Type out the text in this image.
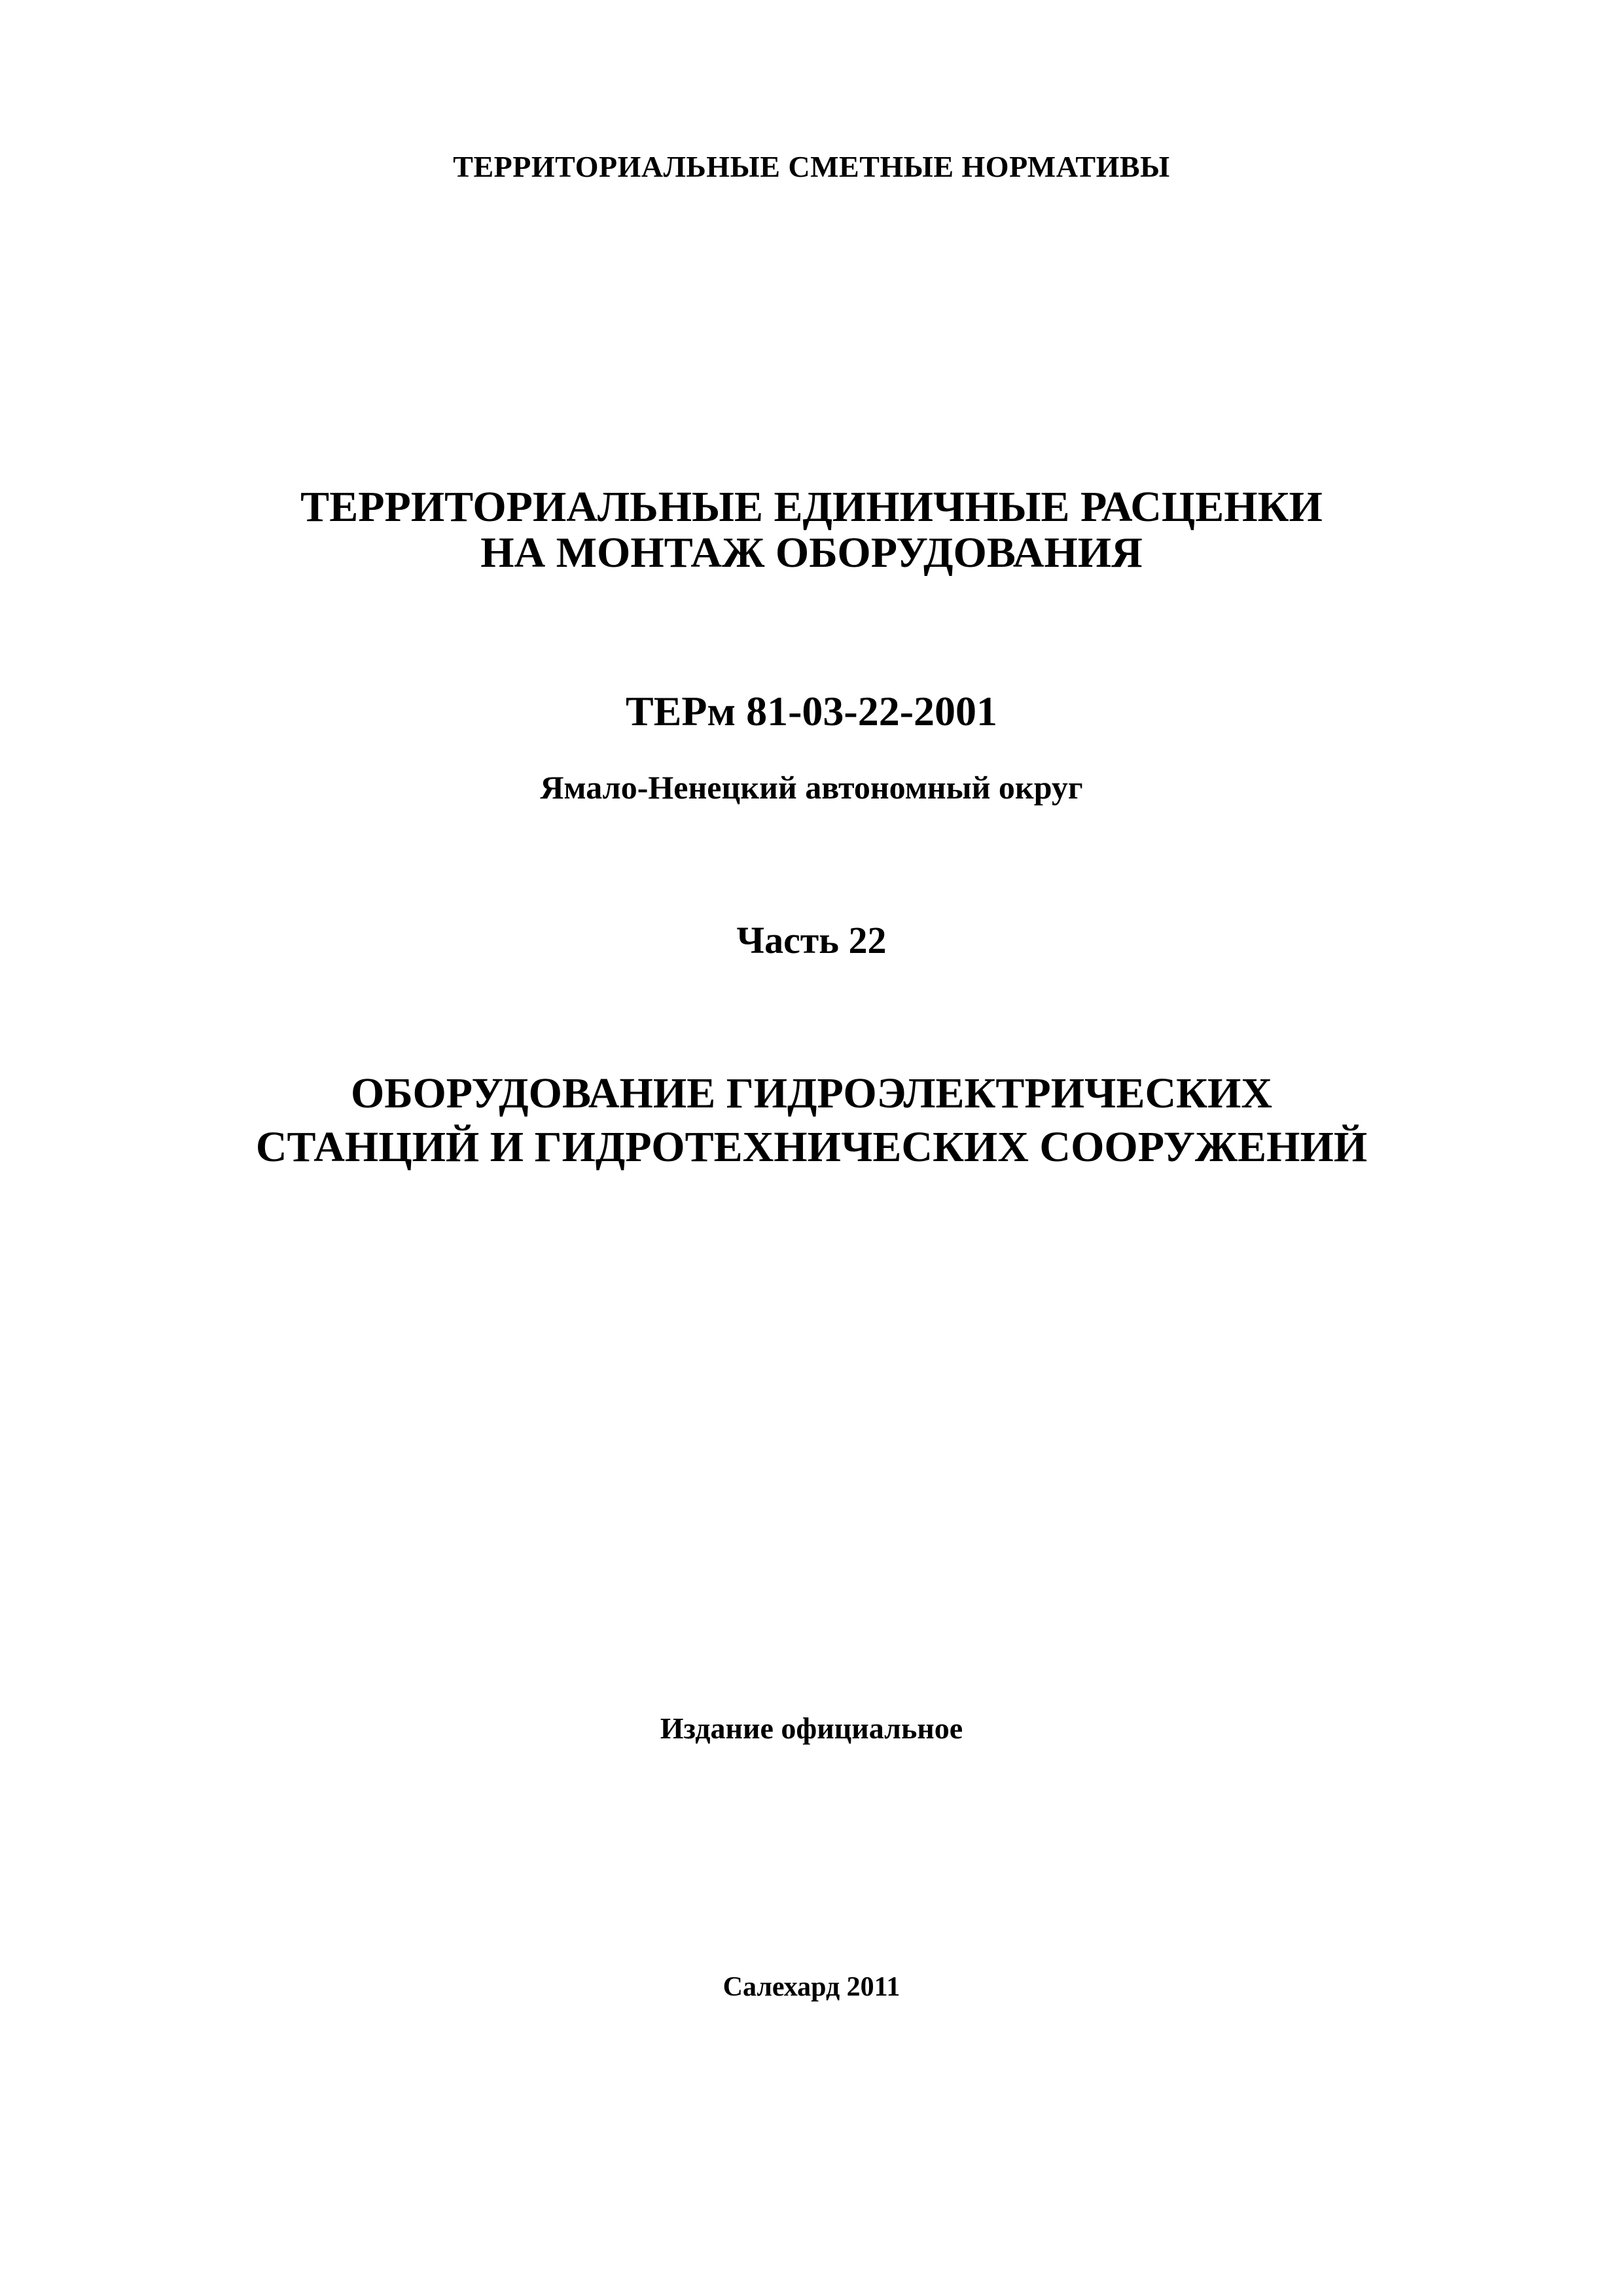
ТЕРРИТОРИАЛЬНЫЕ СМЕТНЫЕ НОРМАТИВЫ
ТЕРРИТОРИАЛЬНЫЕ ЕДИНИЧНЫЕ РАСЦЕНКИ
НА МОНТАЖ ОБОРУДОВАНИЯ
ТЕРм 81-03-22-2001
Ямало-Ненецкий автономный округ
Часть 22
ОБОРУДОВАНИЕ ГИДРОЭЛЕКТРИЧЕСКИХ
СТАНЦИЙ И ГИДРОТЕХНИЧЕСКИХ СООРУЖЕНИЙ
Издание официальное
Салехард 2011
